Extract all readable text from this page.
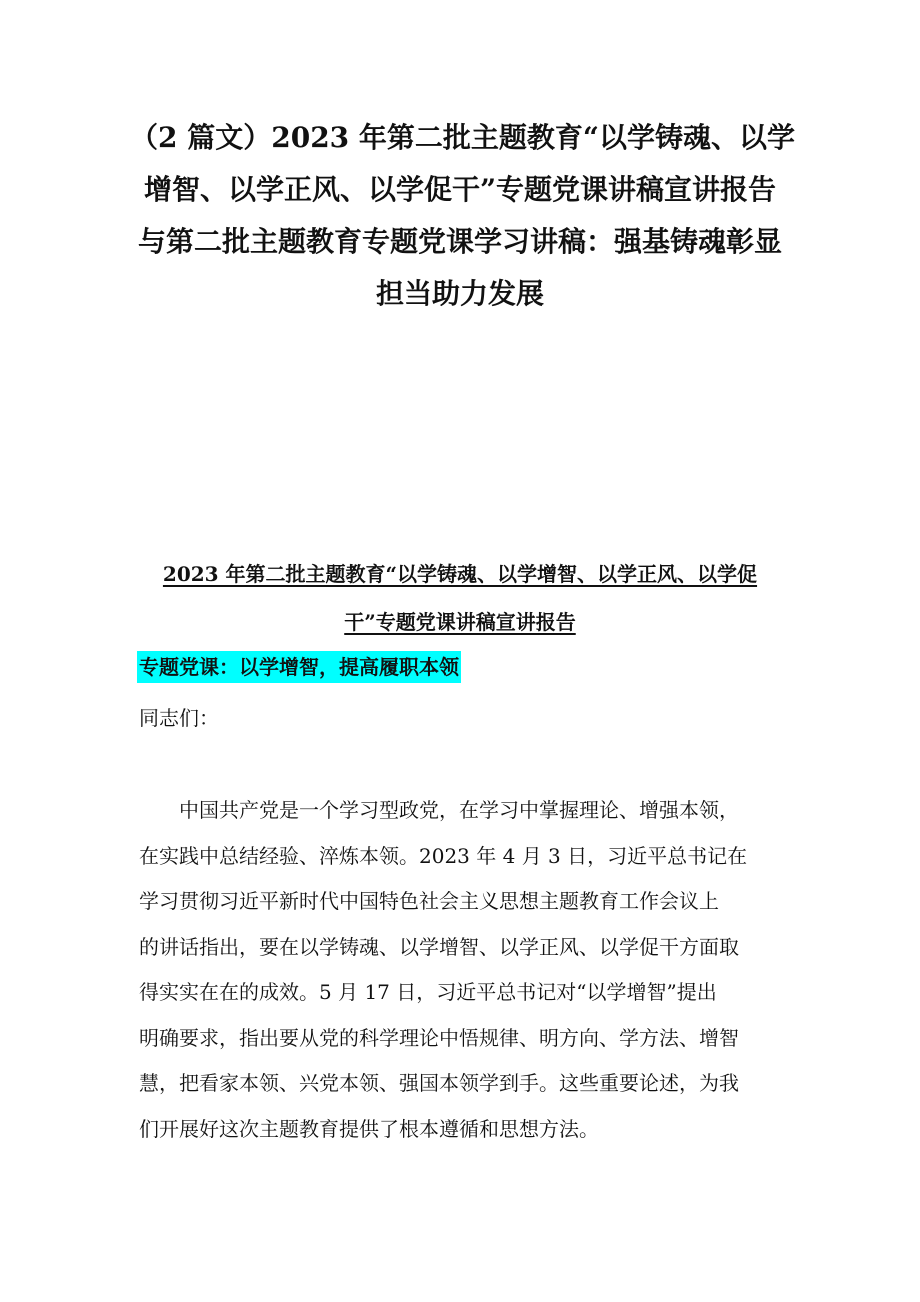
（2 篇文）2023 年第二批主题教育“以学铸魂、以学
增智、以学正风、以学促干”专题党课讲稿宣讲报告
与第二批主题教育专题党课学习讲稿：强基铸魂彰显
担当助力发展
2023 年第二批主题教育“以学铸魂、以学增智、以学正风、以学促
干”专题党课讲稿宣讲报告

专题党课：以学增智，提高履职本领

同志们：

中国共产党是一个学习型政党，在学习中掌握理论、增强本领，
在实践中总结经验、淬炼本领。2023 年 4 月 3 日，习近平总书记在
学习贯彻习近平新时代中国特色社会主义思想主题教育工作会议上
的讲话指出，要在以学铸魂、以学增智、以学正风、以学促干方面取
得实实在在的成效。5 月 17 日，习近平总书记对“以学增智”提出
明确要求，指出要从党的科学理论中悟规律、明方向、学方法、增智
慧，把看家本领、兴党本领、强国本领学到手。这些重要论述，为我
们开展好这次主题教育提供了根本遵循和思想方法。
